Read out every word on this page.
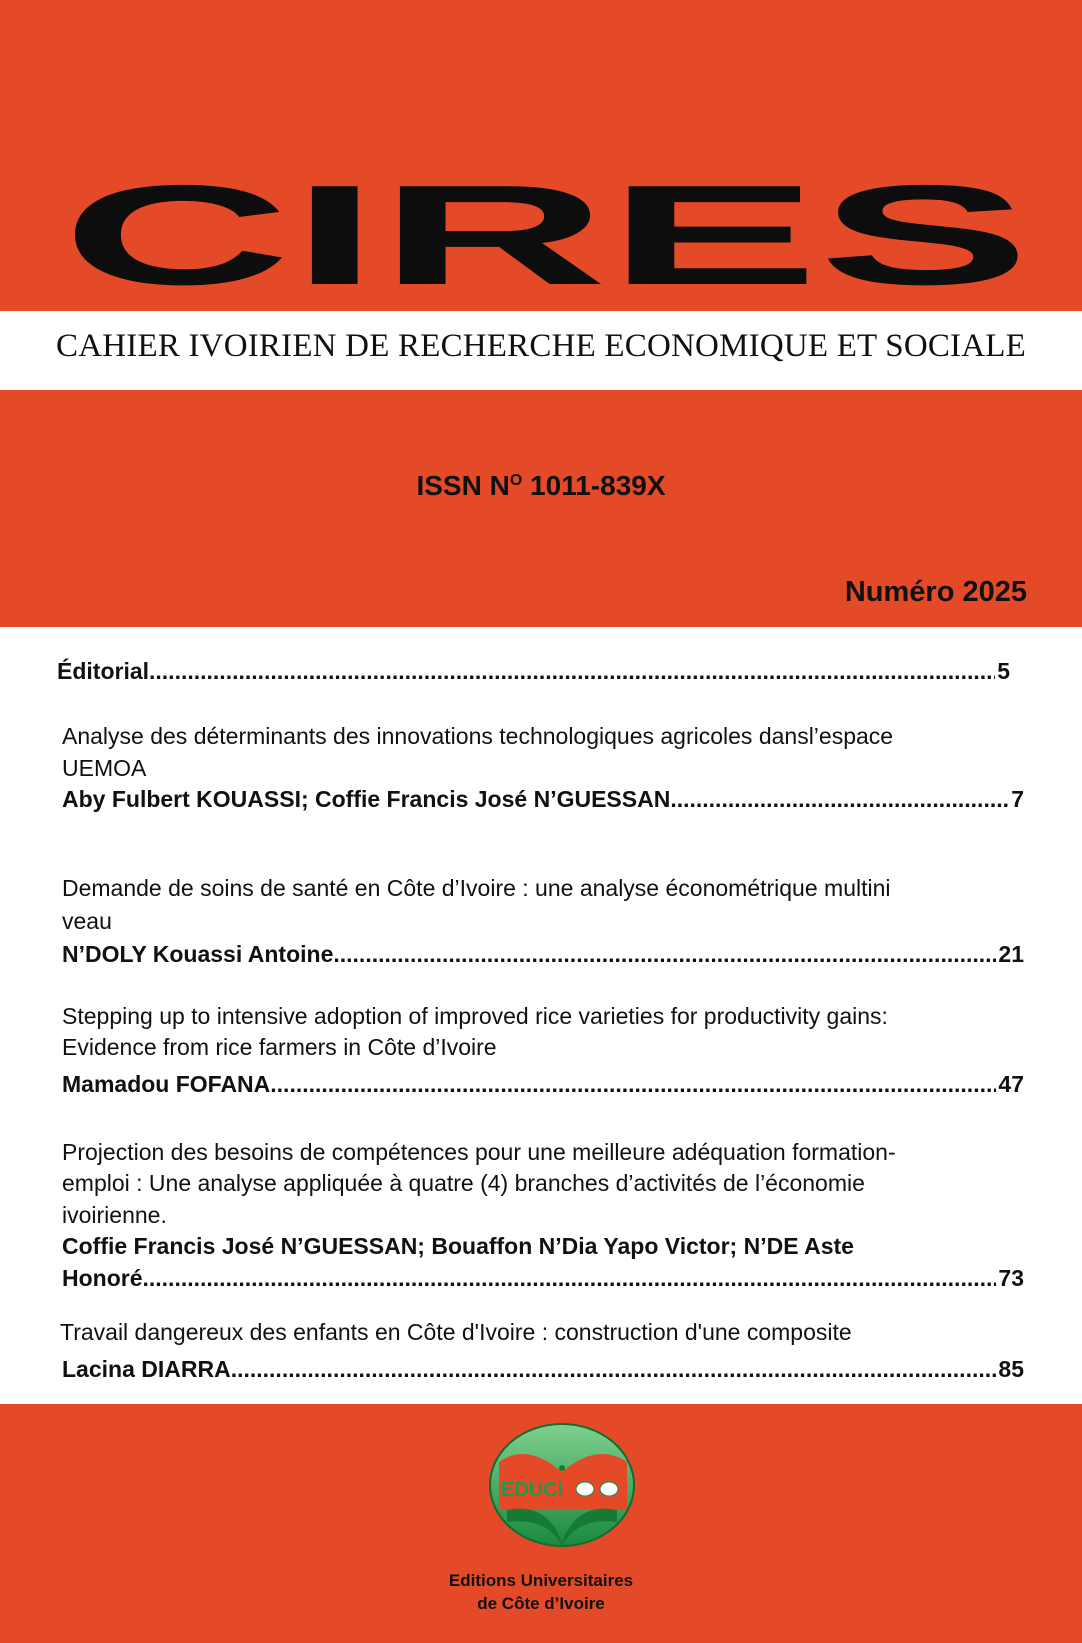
CIRES
CAHIER IVOIRIEN DE RECHERCHE ECONOMIQUE ET SOCIALE
ISSN $N^O$ 1011-839X
Numéro 2025
Éditorial .....	5
Analyse des déterminants des innovations technologiques agricoles dansl’espace
UEMOA
Aby Fulbert KOUASSI; Coffie Francis José N’GUESSAN .....	7
Demande de soins de santé en Côte d’Ivoire : une analyse économétrique multini
veau
N’DOLY Kouassi Antoine .....	21
Stepping up to intensive adoption of improved rice varieties for productivity gains:
Evidence from rice farmers in Côte d’Ivoire
Mamadou FOFANA .....	47
Projection des besoins de compétences pour une meilleure adéquation formation-
emploi : Une analyse appliquée à quatre (4) branches d’activités de l’économie
ivoirienne.
Coffie Francis José N’GUESSAN; Bouaffon N’Dia Yapo Victor; N’DE Aste
Honoré .....	73
Travail dangereux des enfants en Côte d'Ivoire : construction d'une composite
Lacina DIARRA .....	85
EDUCI
Editions Universitaires
de Côte d’Ivoire
